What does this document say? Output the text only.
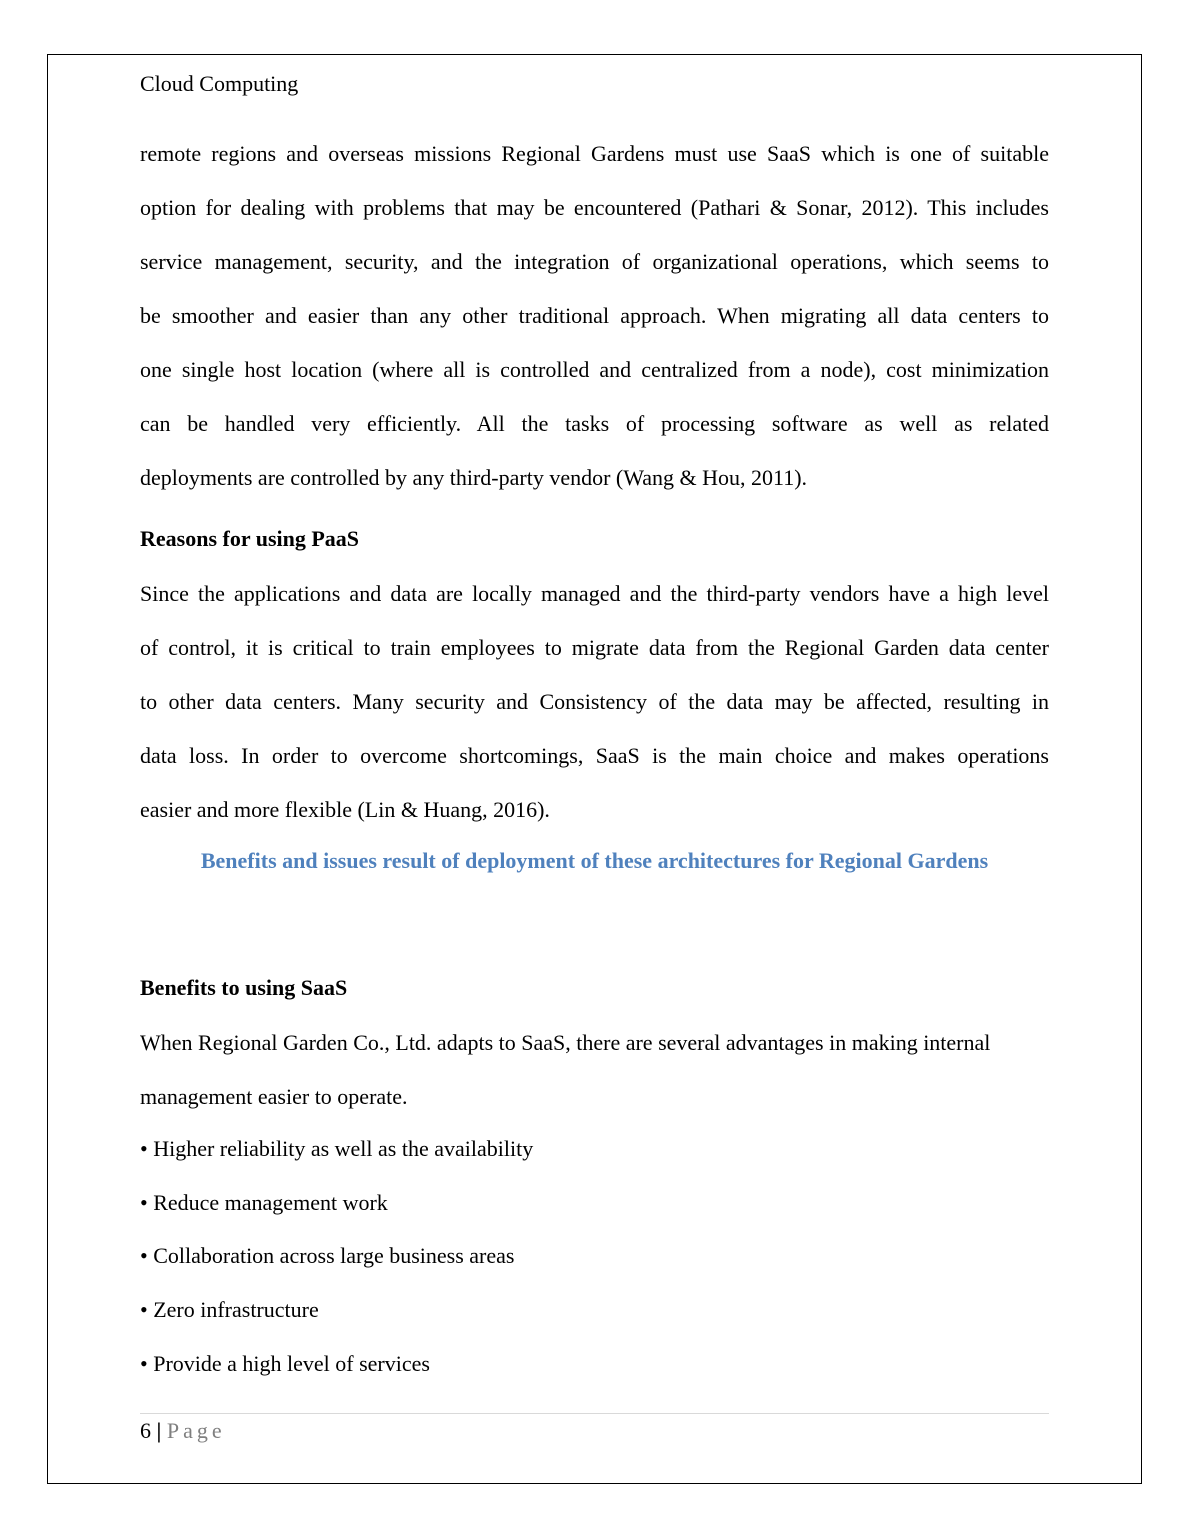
Cloud Computing

remote regions and overseas missions Regional Gardens must use SaaS which is one of suitable
option for dealing with problems that may be encountered (Pathari & Sonar, 2012). This includes
service management, security, and the integration of organizational operations, which seems to
be smoother and easier than any other traditional approach. When migrating all data centers to
one single host location (where all is controlled and centralized from a node), cost minimization
can be handled very efficiently. All the tasks of processing software as well as related
deployments are controlled by any third-party vendor (Wang & Hou, 2011).

Reasons for using PaaS

Since the applications and data are locally managed and the third-party vendors have a high level
of control, it is critical to train employees to migrate data from the Regional Garden data center
to other data centers. Many security and Consistency of the data may be affected, resulting in
data loss. In order to overcome shortcomings, SaaS is the main choice and makes operations
easier and more flexible (Lin & Huang, 2016).

Benefits and issues result of deployment of these architectures for Regional Gardens

Benefits to using SaaS

When Regional Garden Co., Ltd. adapts to SaaS, there are several advantages in making internal
management easier to operate.

• Higher reliability as well as the availability

• Reduce management work

• Collaboration across large business areas

• Zero infrastructure

• Provide a high level of services

6 | Page
